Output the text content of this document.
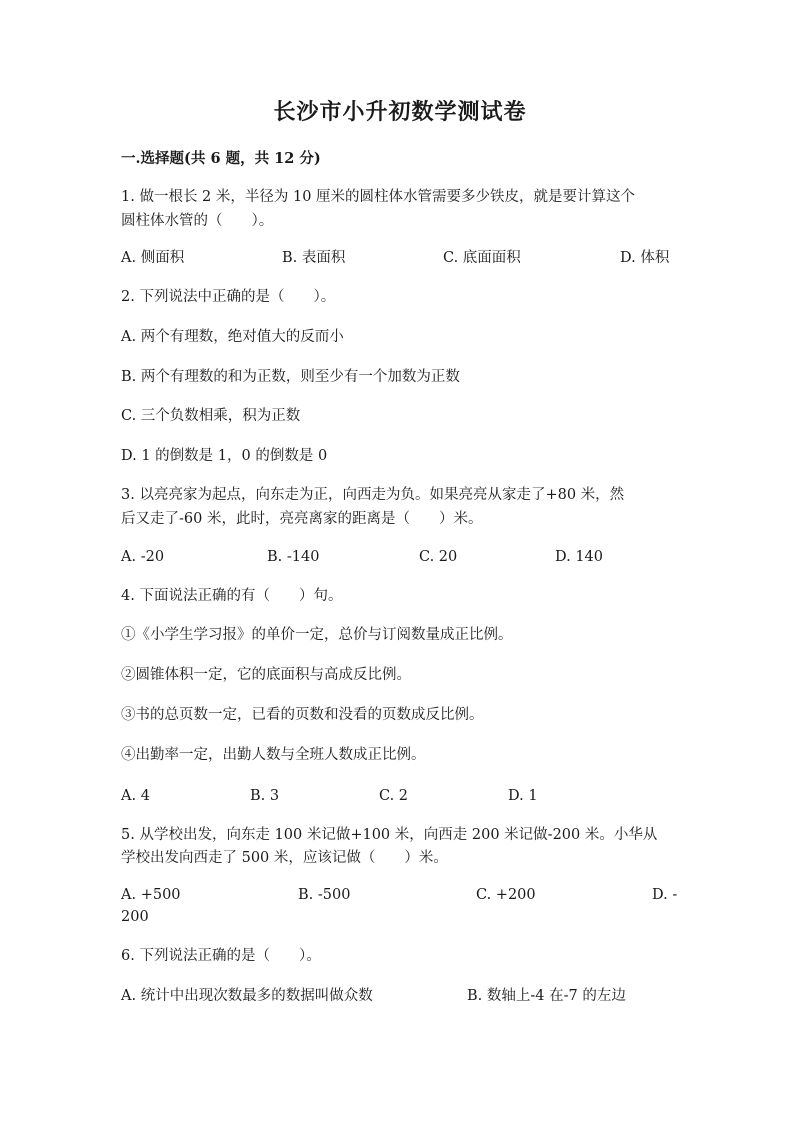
长沙市小升初数学测试卷
一.选择题(共 6 题，共 12 分)
1. 做一根长 2 米，半径为 10 厘米的圆柱体水管需要多少铁皮，就是要计算这个
圆柱体水管的（　　）。
A. 侧面积	B. 表面积	C. 底面面积	D. 体积
2. 下列说法中正确的是（　　）。
A. 两个有理数，绝对值大的反而小
B. 两个有理数的和为正数，则至少有一个加数为正数
C. 三个负数相乘，积为正数
D. 1 的倒数是 1，0 的倒数是 0
3. 以亮亮家为起点，向东走为正，向西走为负。如果亮亮从家走了+80 米，然
后又走了-60 米，此时，亮亮离家的距离是（　　）米。
A. -20	B. -140	C. 20	D. 140
4. 下面说法正确的有（　　）句。
①《小学生学习报》的单价一定，总价与订阅数量成正比例。
②圆锥体积一定，它的底面积与高成反比例。
③书的总页数一定，已看的页数和没看的页数成反比例。
④出勤率一定，出勤人数与全班人数成正比例。
A. 4	B. 3	C. 2	D. 1
5. 从学校出发，向东走 100 米记做+100 米，向西走 200 米记做-200 米。小华从
学校出发向西走了 500 米，应该记做（　　）米。
A. +500	B. -500	C. +200	D. -
200
6. 下列说法正确的是（　　）。
A. 统计中出现次数最多的数据叫做众数	B. 数轴上-4 在-7 的左边
